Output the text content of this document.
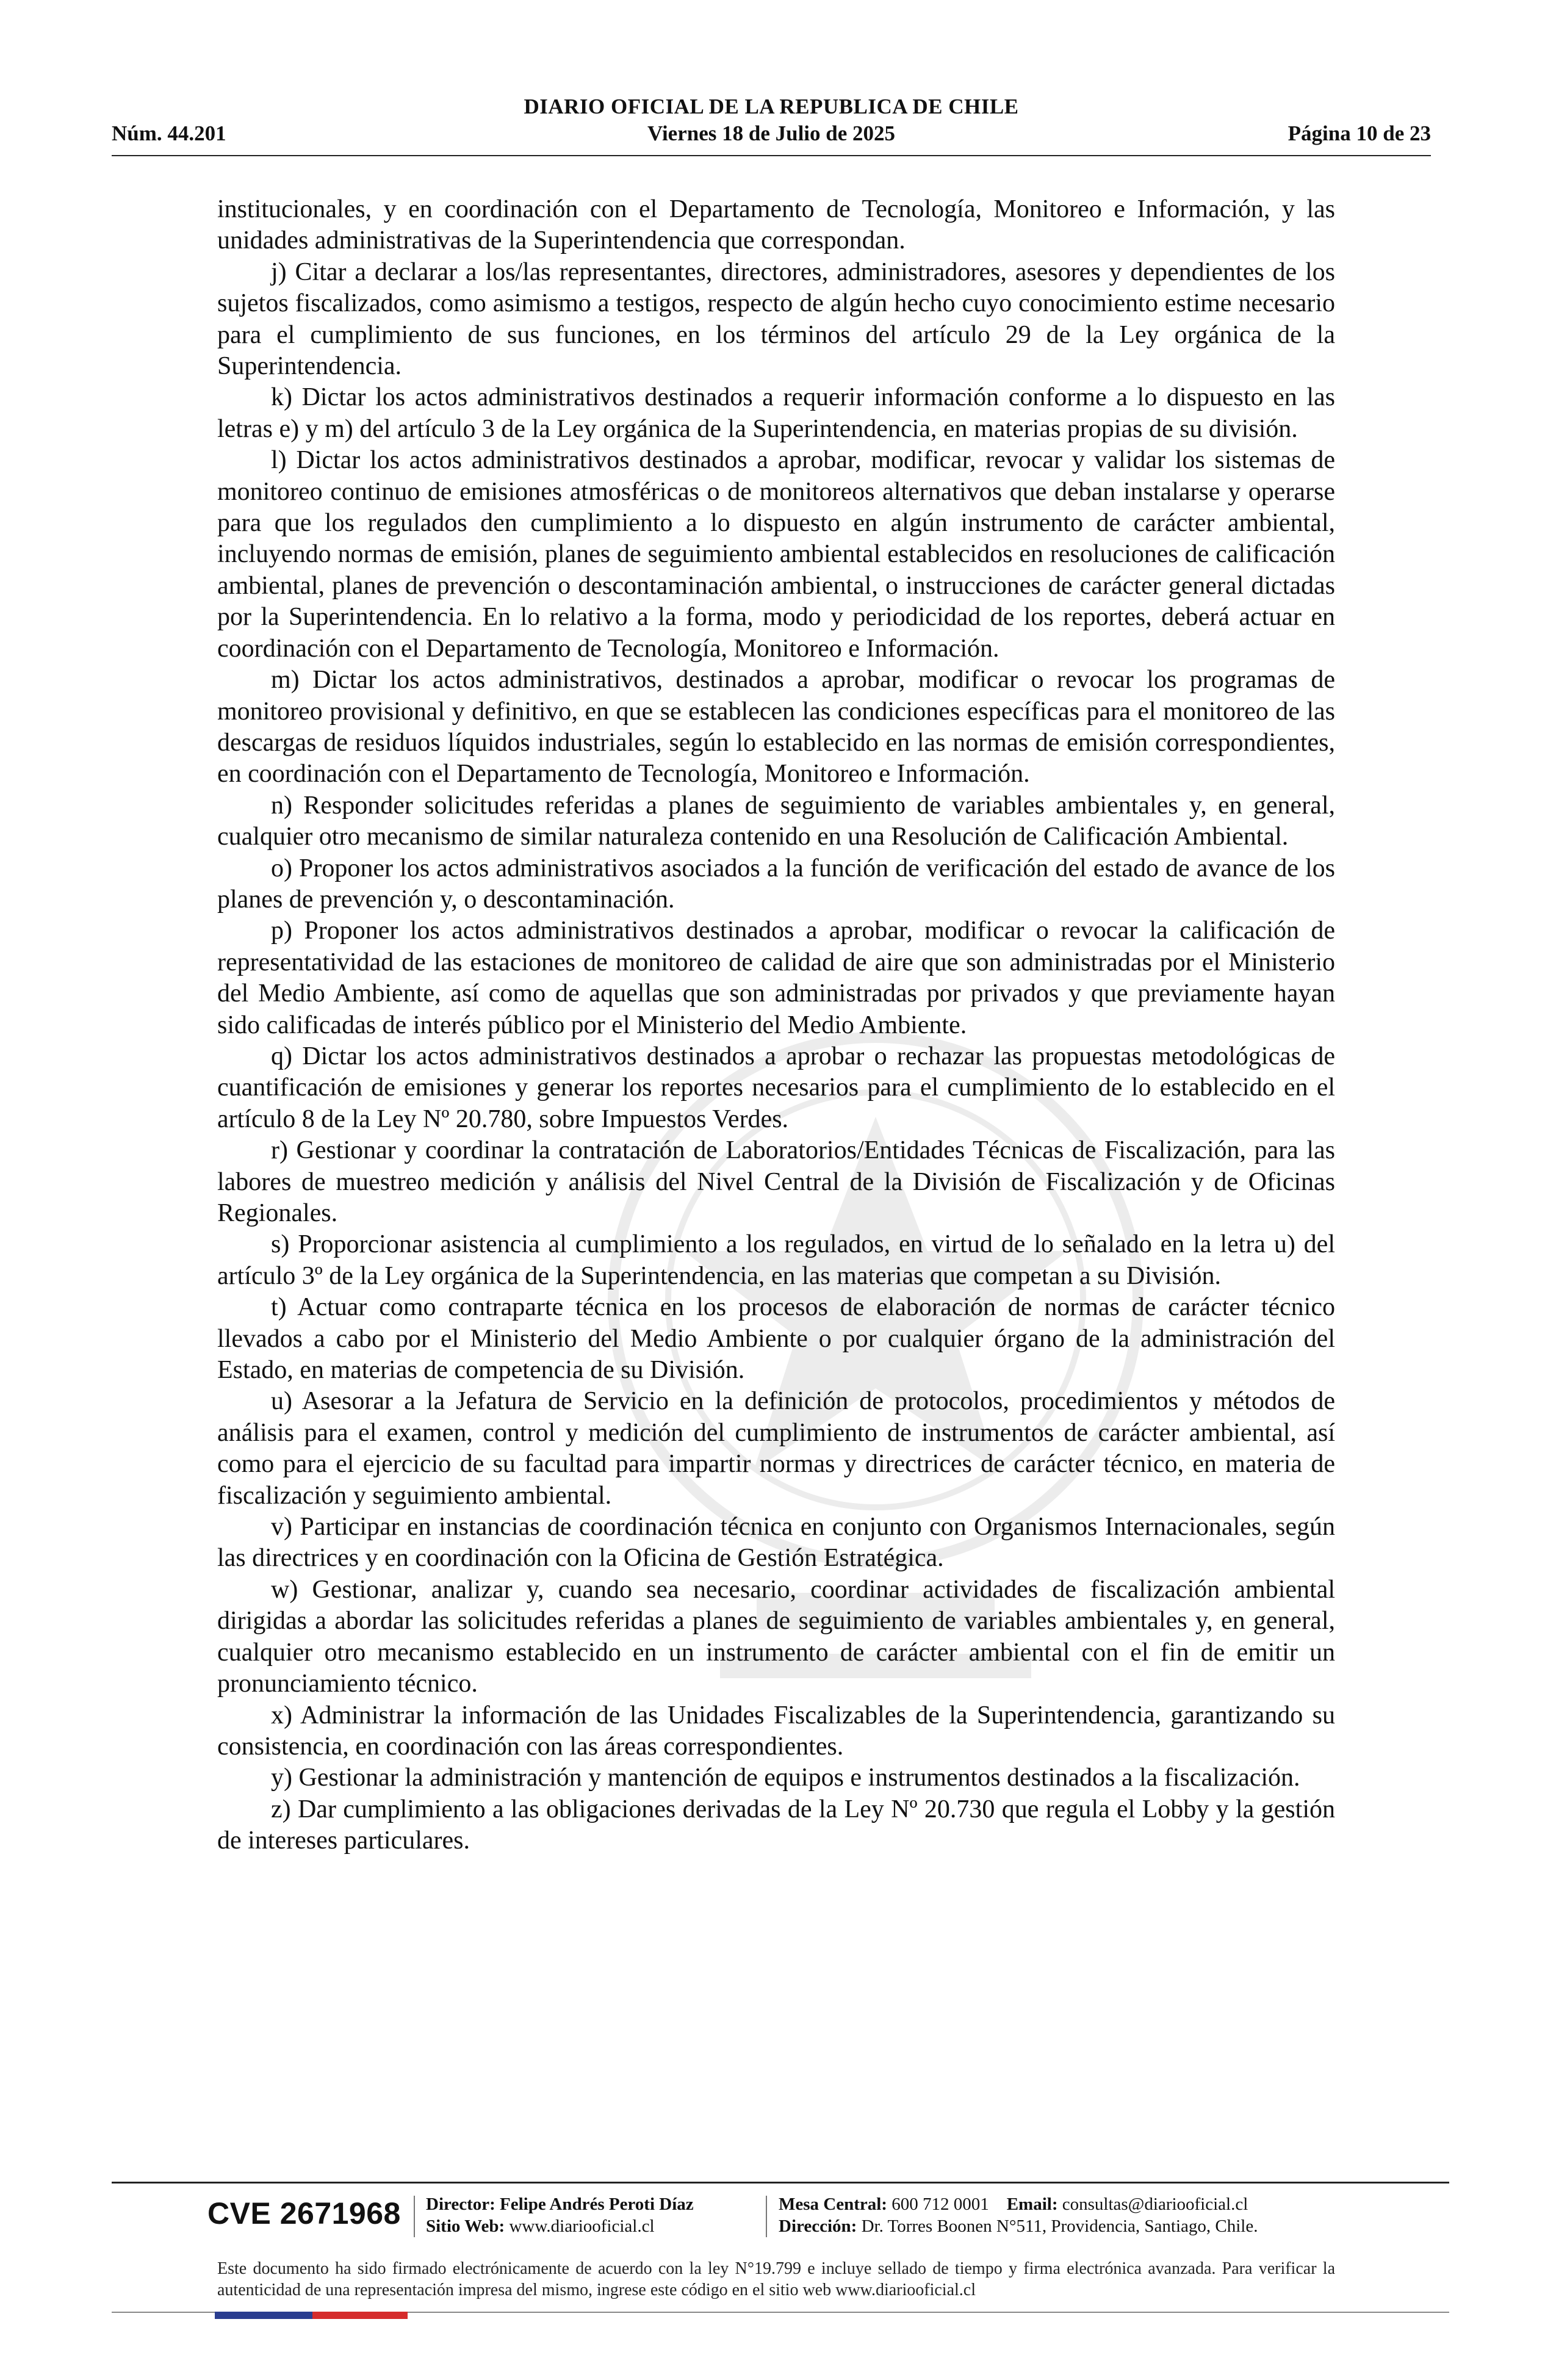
DIARIO OFICIAL DE LA REPUBLICA DE CHILE
Núm. 44.201	Viernes 18 de Julio de 2025	Página 10 de 23

institucionales, y en coordinación con el Departamento de Tecnología, Monitoreo e Información, y las unidades administrativas de la Superintendencia que correspondan.

j) Citar a declarar a los/las representantes, directores, administradores, asesores y dependientes de los sujetos fiscalizados, como asimismo a testigos, respecto de algún hecho cuyo conocimiento estime necesario para el cumplimiento de sus funciones, en los términos del artículo 29 de la Ley orgánica de la Superintendencia.

k) Dictar los actos administrativos destinados a requerir información conforme a lo dispuesto en las letras e) y m) del artículo 3 de la Ley orgánica de la Superintendencia, en materias propias de su división.

l) Dictar los actos administrativos destinados a aprobar, modificar, revocar y validar los sistemas de monitoreo continuo de emisiones atmosféricas o de monitoreos alternativos que deban instalarse y operarse para que los regulados den cumplimiento a lo dispuesto en algún instrumento de carácter ambiental, incluyendo normas de emisión, planes de seguimiento ambiental establecidos en resoluciones de calificación ambiental, planes de prevención o descontaminación ambiental, o instrucciones de carácter general dictadas por la Superintendencia. En lo relativo a la forma, modo y periodicidad de los reportes, deberá actuar en coordinación con el Departamento de Tecnología, Monitoreo e Información.

m) Dictar los actos administrativos, destinados a aprobar, modificar o revocar los programas de monitoreo provisional y definitivo, en que se establecen las condiciones específicas para el monitoreo de las descargas de residuos líquidos industriales, según lo establecido en las normas de emisión correspondientes, en coordinación con el Departamento de Tecnología, Monitoreo e Información.

n) Responder solicitudes referidas a planes de seguimiento de variables ambientales y, en general, cualquier otro mecanismo de similar naturaleza contenido en una Resolución de Calificación Ambiental.

o) Proponer los actos administrativos asociados a la función de verificación del estado de avance de los planes de prevención y, o descontaminación.

p) Proponer los actos administrativos destinados a aprobar, modificar o revocar la calificación de representatividad de las estaciones de monitoreo de calidad de aire que son administradas por el Ministerio del Medio Ambiente, así como de aquellas que son administradas por privados y que previamente hayan sido calificadas de interés público por el Ministerio del Medio Ambiente.

q) Dictar los actos administrativos destinados a aprobar o rechazar las propuestas metodológicas de cuantificación de emisiones y generar los reportes necesarios para el cumplimiento de lo establecido en el artículo 8 de la Ley Nº 20.780, sobre Impuestos Verdes.

r) Gestionar y coordinar la contratación de Laboratorios/Entidades Técnicas de Fiscalización, para las labores de muestreo medición y análisis del Nivel Central de la División de Fiscalización y de Oficinas Regionales.

s) Proporcionar asistencia al cumplimiento a los regulados, en virtud de lo señalado en la letra u) del artículo 3º de la Ley orgánica de la Superintendencia, en las materias que competan a su División.

t) Actuar como contraparte técnica en los procesos de elaboración de normas de carácter técnico llevados a cabo por el Ministerio del Medio Ambiente o por cualquier órgano de la administración del Estado, en materias de competencia de su División.

u) Asesorar a la Jefatura de Servicio en la definición de protocolos, procedimientos y métodos de análisis para el examen, control y medición del cumplimiento de instrumentos de carácter ambiental, así como para el ejercicio de su facultad para impartir normas y directrices de carácter técnico, en materia de fiscalización y seguimiento ambiental.

v) Participar en instancias de coordinación técnica en conjunto con Organismos Internacionales, según las directrices y en coordinación con la Oficina de Gestión Estratégica.

w) Gestionar, analizar y, cuando sea necesario, coordinar actividades de fiscalización ambiental dirigidas a abordar las solicitudes referidas a planes de seguimiento de variables ambientales y, en general, cualquier otro mecanismo establecido en un instrumento de carácter ambiental con el fin de emitir un pronunciamiento técnico.

x) Administrar la información de las Unidades Fiscalizables de la Superintendencia, garantizando su consistencia, en coordinación con las áreas correspondientes.

y) Gestionar la administración y mantención de equipos e instrumentos destinados a la fiscalización.

z) Dar cumplimiento a las obligaciones derivadas de la Ley Nº 20.730 que regula el Lobby y la gestión de intereses particulares.

CVE 2671968 Director: Felipe Andrés Peroti Díaz
Sitio Web: www.diariooficial.cl
Mesa Central: 600 712 0001 Email: consultas@diariooficial.cl
Dirección: Dr. Torres Boonen N°511, Providencia, Santiago, Chile.
Este documento ha sido firmado electrónicamente de acuerdo con la ley N°19.799 e incluye sellado de tiempo y firma electrónica avanzada. Para verificar la autenticidad de una representación impresa del mismo, ingrese este código en el sitio web www.diariooficial.cl
